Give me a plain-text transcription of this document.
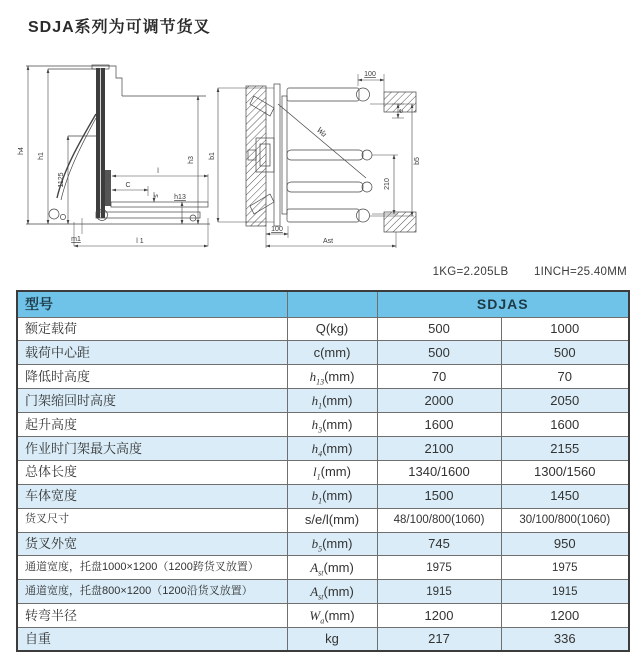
SDJA系列为可调节货叉
h4
h1
1125
h3
l
C
s h13
m1	l 1
b1
100
e
Wa
b5
210
100
Ast
1KG=2.205LB 1INCH=25.40MM
型号		SDJAS	
额定载荷	Q(kg)	500	1000
载荷中心距	c(mm)	500	500
降低时高度	$h_{13}(mm)$	70	70
门架缩回时高度	$h_1(mm)$	2000	2050
起升高度	$h_3(mm)$	1600	1600
作业时门架最大高度	$h_4(mm)$	2100	2155
总体长度	$l_1(mm)$	1340/1600	1300/1560
车体宽度	$b_1(mm)$	1500	1450
货叉尺寸	s/e/l(mm)	48/100/800(1060)	30/100/800(1060)
货叉外宽	$b_5(mm)$	745	950
通道宽度，托盘1000×1200（1200跨货叉放置）	$A_{st}(mm)$	1975	1975
通道宽度，托盘800×1200（1200沿货叉放置）	$A_{st}(mm)$	1915	1915
转弯半径	$W_a(mm)$	1200	1200
自重	kg	217	336
